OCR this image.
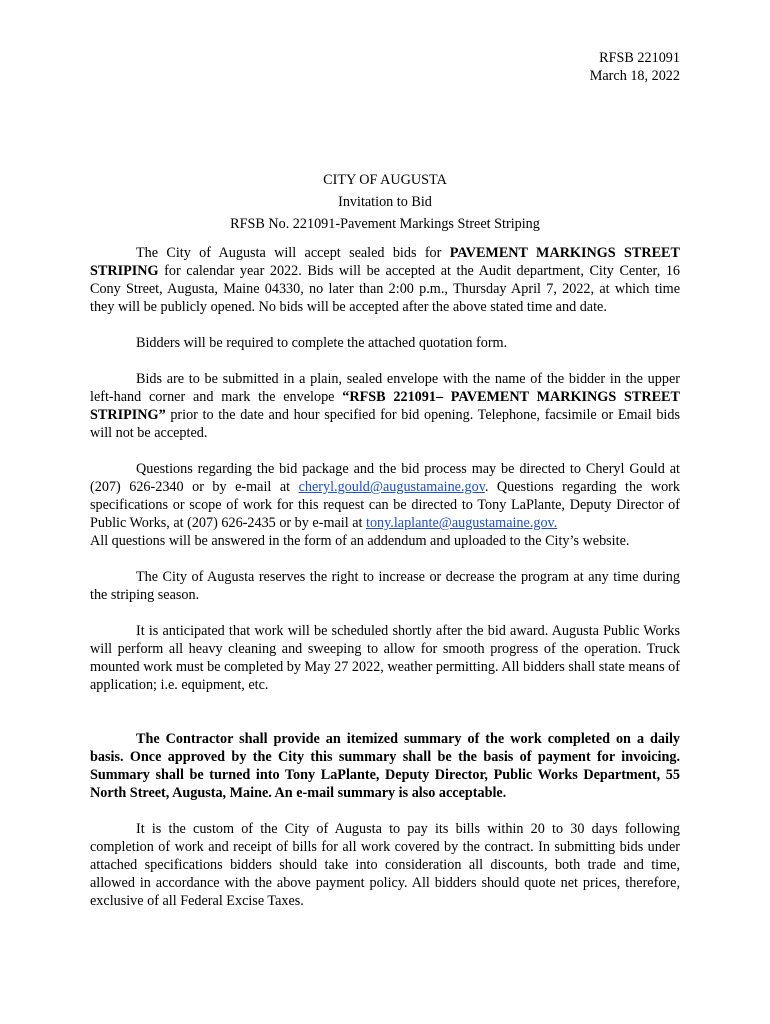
RFSB 221091
March 18, 2022
CITY OF AUGUSTA
Invitation to Bid
RFSB No. 221091-Pavement Markings Street Striping

The City of Augusta will accept sealed bids for PAVEMENT MARKINGS STREET STRIPING for calendar year 2022. Bids will be accepted at the Audit department, City Center, 16 Cony Street, Augusta, Maine 04330, no later than 2:00 p.m., Thursday April 7, 2022, at which time they will be publicly opened. No bids will be accepted after the above stated time and date.

Bidders will be required to complete the attached quotation form.

Bids are to be submitted in a plain, sealed envelope with the name of the bidder in the upper left-hand corner and mark the envelope “RFSB 221091– PAVEMENT MARKINGS STREET STRIPING” prior to the date and hour specified for bid opening. Telephone, facsimile or Email bids will not be accepted.

Questions regarding the bid package and the bid process may be directed to Cheryl Gould at (207) 626-2340 or by e-mail at cheryl.gould@augustamaine.gov. Questions regarding the work specifications or scope of work for this request can be directed to Tony LaPlante, Deputy Director of Public Works, at (207) 626-2435 or by e-mail at tony.laplante@augustamaine.gov.

All questions will be answered in the form of an addendum and uploaded to the City’s website.

The City of Augusta reserves the right to increase or decrease the program at any time during the striping season.

It is anticipated that work will be scheduled shortly after the bid award. Augusta Public Works will perform all heavy cleaning and sweeping to allow for smooth progress of the operation. Truck mounted work must be completed by May 27 2022, weather permitting. All bidders shall state means of application; i.e. equipment, etc.

The Contractor shall provide an itemized summary of the work completed on a daily basis. Once approved by the City this summary shall be the basis of payment for invoicing. Summary shall be turned into Tony LaPlante, Deputy Director, Public Works Department, 55 North Street, Augusta, Maine. An e-mail summary is also acceptable.

It is the custom of the City of Augusta to pay its bills within 20 to 30 days following completion of work and receipt of bills for all work covered by the contract. In submitting bids under attached specifications bidders should take into consideration all discounts, both trade and time, allowed in accordance with the above payment policy. All bidders should quote net prices, therefore, exclusive of all Federal Excise Taxes.
